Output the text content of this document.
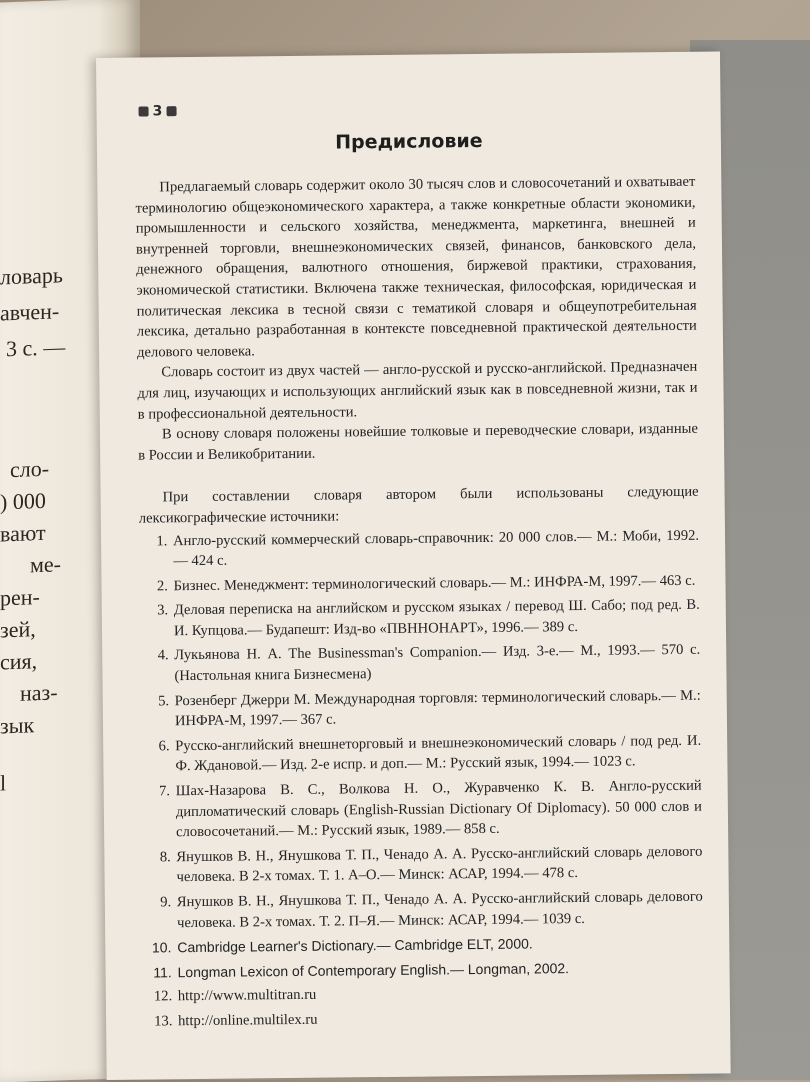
ловарь
авчен-
3 с. —
сло-
) 000
вают
ме-
рен-
зей,
сия,
наз-
зык
l
3
Предисловие

Предлагаемый словарь содержит около 30 тысяч слов и словосочетаний и охватывает терминологию общеэкономического характера, а также конкретные области экономики, промышленности и сельского хозяйства, менеджмента, маркетинга, внешней и внутренней торговли, внешнеэкономических связей, финансов, банковского дела, денежного обращения, валютного отношения, биржевой практики, страхования, экономической статистики. Включена также техническая, философская, юридическая и политическая лексика в тесной связи с тематикой словаря и общеупотребительная лексика, детально разработанная в контексте повседневной практической деятельности делового человека.

Словарь состоит из двух частей — англо-русской и русско-английской. Предназначен для лиц, изучающих и использующих английский язык как в повседневной жизни, так и в профессиональной деятельности.

В основу словаря положены новейшие толковые и переводческие словари, изданные в России и Великобритании.

При составлении словаря автором были использованы следующие лексикографические источники:

1. Англо-русский коммерческий словарь-справочник: 20 000 слов.— М.: Моби, 1992.— 424 с.
2. Бизнес. Менеджмент: терминологический словарь.— М.: ИНФРА-М, 1997.— 463 с.
3. Деловая переписка на английском и русском языках / перевод Ш. Сабо; под ред. В. И. Купцова.— Будапешт: Изд-во «ПВННОНАРТ», 1996.— 389 с.
4. Лукьянова Н. А. The Businessman's Companion.— Изд. 3-е.— М., 1993.— 570 с. (Настольная книга Бизнесмена)
5. Розенберг Джерри М. Международная торговля: терминологический словарь.— М.: ИНФРА-М, 1997.— 367 с.
6. Русско-английский внешнеторговый и внешнеэкономический словарь / под ред. И. Ф. Ждановой.— Изд. 2-е испр. и доп.— М.: Русский язык, 1994.— 1023 с.
7. Шах-Назарова В. С., Волкова Н. О., Журавченко К. В. Англо-русский дипломатический словарь (English-Russian Dictionary Of Diplomacy). 50 000 слов и словосочетаний.— М.: Русский язык, 1989.— 858 с.
8. Янушков В. Н., Янушкова Т. П., Ченадо А. А. Русско-английский словарь делового человека. В 2-х томах. Т. 1. А–О.— Минск: АСАР, 1994.— 478 с.
9. Янушков В. Н., Янушкова Т. П., Ченадо А. А. Русско-английский словарь делового человека. В 2-х томах. Т. 2. П–Я.— Минск: АСАР, 1994.— 1039 с.
10. Cambridge Learner's Dictionary.— Cambridge ELT, 2000.
11. Longman Lexicon of Contemporary English.— Longman, 2002.
12. http://www.multitran.ru
13. http://online.multilex.ru
